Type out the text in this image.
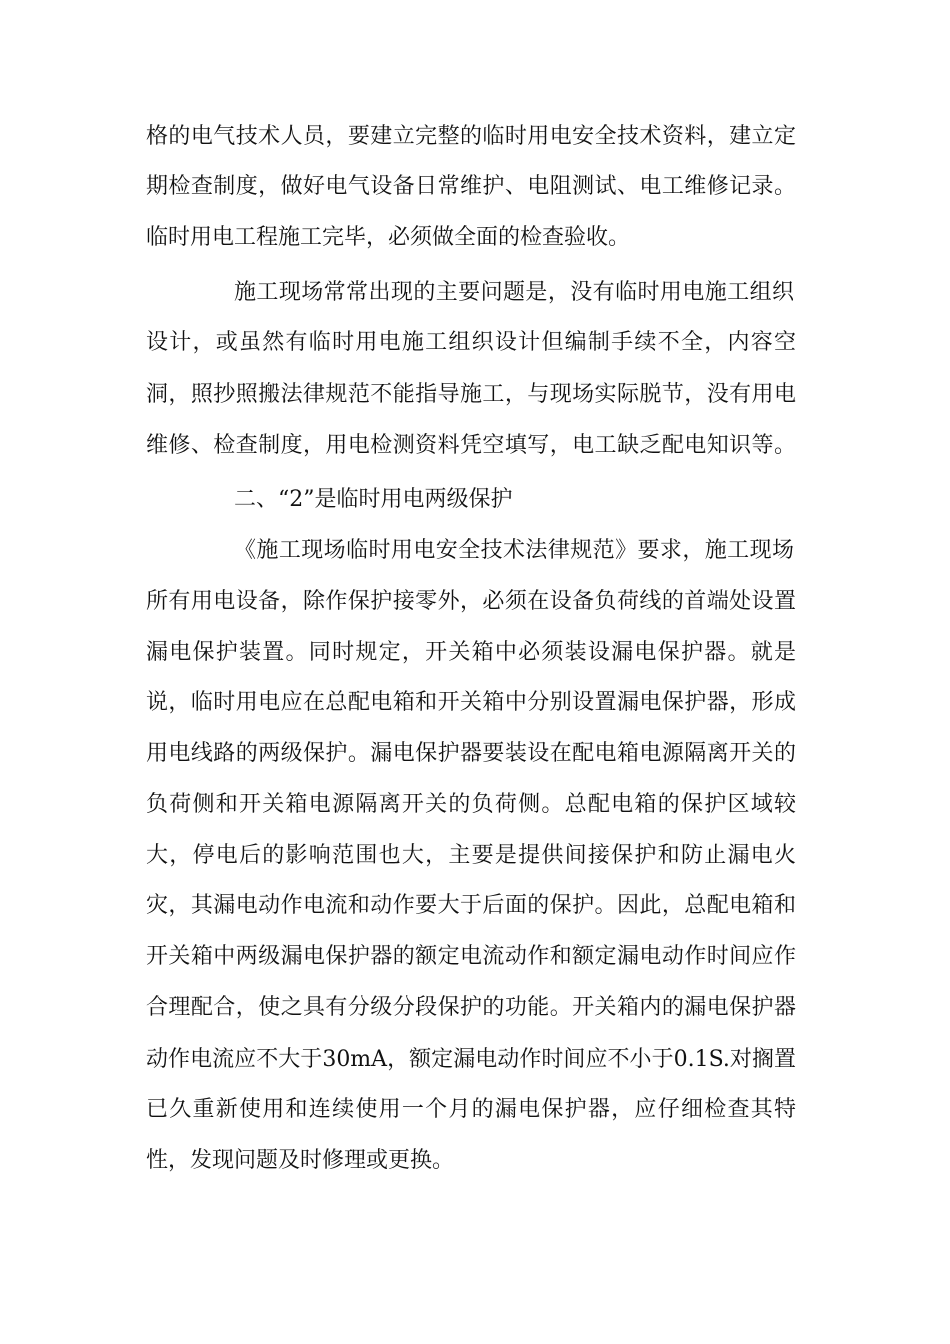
格的电气技术人员，要建立完整的临时用电安全技术资料，建立定
期检查制度，做好电气设备日常维护、电阻测试、电工维修记录。
临时用电工程施工完毕，必须做全面的检查验收。
施工现场常常出现的主要问题是，没有临时用电施工组织
设计，或虽然有临时用电施工组织设计但编制手续不全，内容空
洞，照抄照搬法律规范不能指导施工，与现场实际脱节，没有用电
维修、检查制度，用电检测资料凭空填写，电工缺乏配电知识等。
二、“2”是临时用电两级保护
《施工现场临时用电安全技术法律规范》要求，施工现场
所有用电设备，除作保护接零外，必须在设备负荷线的首端处设置
漏电保护装置。同时规定，开关箱中必须装设漏电保护器。就是
说，临时用电应在总配电箱和开关箱中分别设置漏电保护器，形成
用电线路的两级保护。漏电保护器要装设在配电箱电源隔离开关的
负荷侧和开关箱电源隔离开关的负荷侧。总配电箱的保护区域较
大，停电后的影响范围也大，主要是提供间接保护和防止漏电火
灾，其漏电动作电流和动作要大于后面的保护。因此，总配电箱和
开关箱中两级漏电保护器的额定电流动作和额定漏电动作时间应作
合理配合，使之具有分级分段保护的功能。开关箱内的漏电保护器
动作电流应不大于30mA，额定漏电动作时间应不小于0.1S.对搁置
已久重新使用和连续使用一个月的漏电保护器，应仔细检查其特
性，发现问题及时修理或更换。
